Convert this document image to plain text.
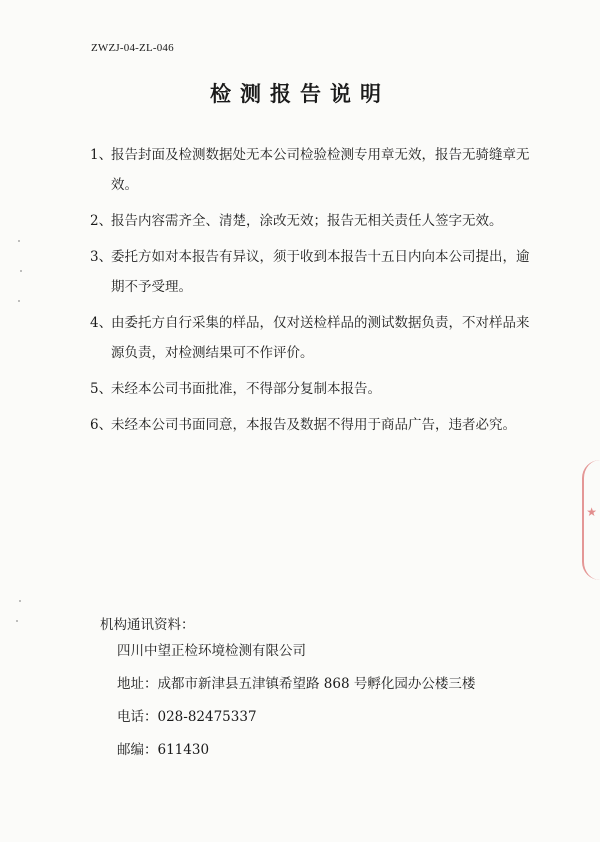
ZWZJ-04-ZL-046
检测报告说明
1、报告封面及检测数据处无本公司检验检测专用章无效，报告无骑缝章无效。
2、报告内容需齐全、清楚，涂改无效；报告无相关责任人签字无效。
3、委托方如对本报告有异议，须于收到本报告十五日内向本公司提出，逾期不予受理。
4、由委托方自行采集的样品，仅对送检样品的测试数据负责，不对样品来源负责，对检测结果可不作评价。
5、未经本公司书面批准，不得部分复制本报告。
6、未经本公司书面同意，本报告及数据不得用于商品广告，违者必究。
机构通讯资料：
四川中望正检环境检测有限公司
地址：成都市新津县五津镇希望路 868 号孵化园办公楼三楼
电话：028-82475337
邮编：611430
★
